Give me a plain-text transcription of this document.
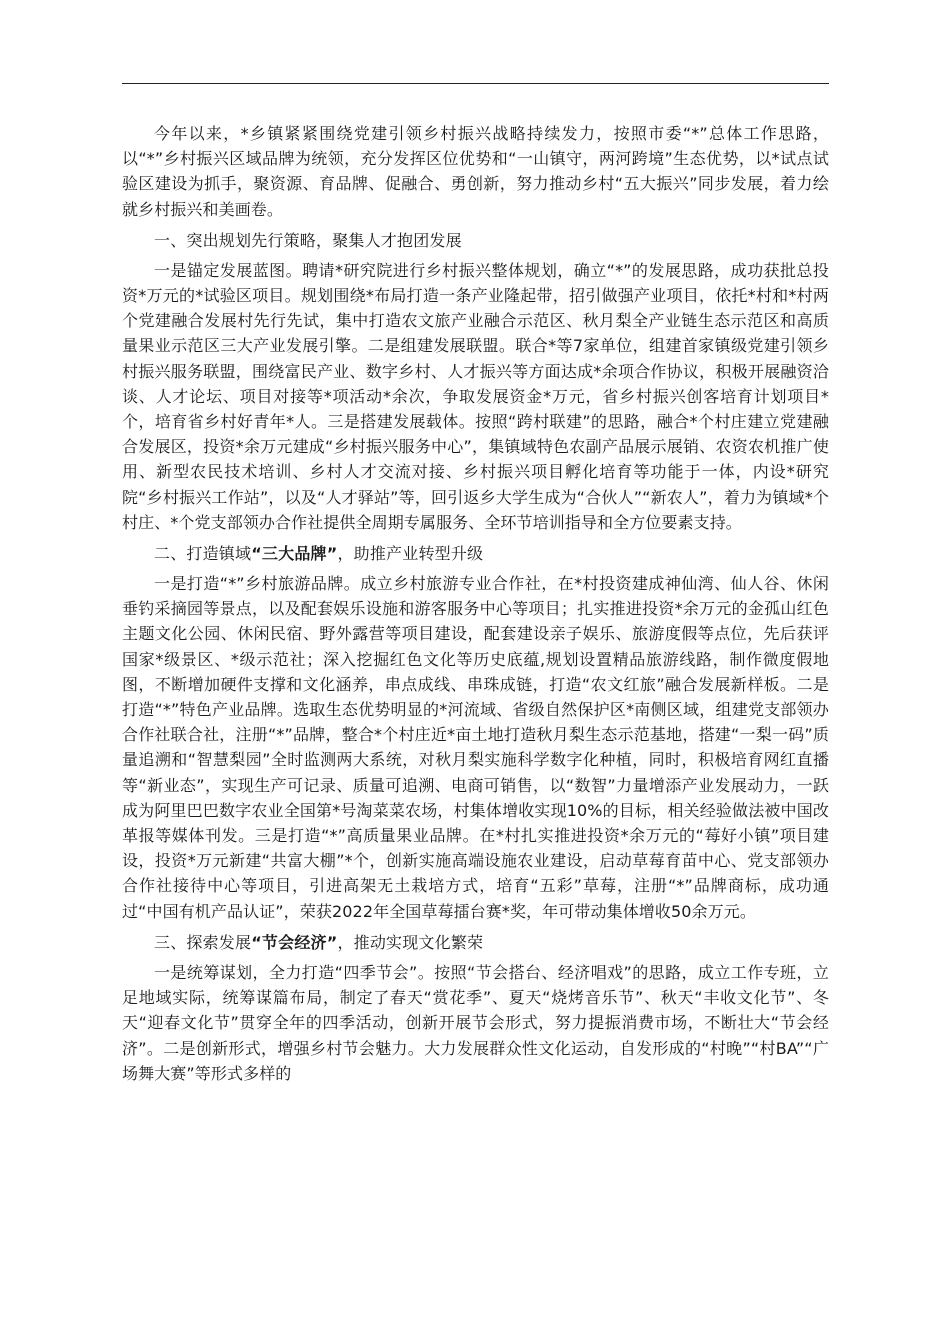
今年以来，*乡镇紧紧围绕党建引领乡村振兴战略持续发力，按照市委“*”总体工作思路，以“*”乡村振兴区域品牌为统领，充分发挥区位优势和“一山镇守，两河跨境”生态优势，以*试点试验区建设为抓手，聚资源、育品牌、促融合、勇创新，努力推动乡村“五大振兴”同步发展，着力绘就乡村振兴和美画卷。

一、突出规划先行策略，聚集人才抱团发展

一是锚定发展蓝图。聘请*研究院进行乡村振兴整体规划，确立“*”的发展思路，成功获批总投资*万元的*试验区项目。规划围绕*布局打造一条产业隆起带，招引做强产业项目，依托*村和*村两个党建融合发展村先行先试，集中打造农文旅产业融合示范区、秋月梨全产业链生态示范区和高质量果业示范区三大产业发展引擎。二是组建发展联盟。联合*等7家单位，组建首家镇级党建引领乡村振兴服务联盟，围绕富民产业、数字乡村、人才振兴等方面达成*余项合作协议，积极开展融资洽谈、人才论坛、项目对接等*项活动*余次，争取发展资金*万元，省乡村振兴创客培育计划项目*个，培育省乡村好青年*人。三是搭建发展载体。按照“跨村联建”的思路，融合*个村庄建立党建融合发展区，投资*余万元建成“乡村振兴服务中心”，集镇域特色农副产品展示展销、农资农机推广使用、新型农民技术培训、乡村人才交流对接、乡村振兴项目孵化培育等功能于一体，内设*研究院“乡村振兴工作站”，以及“人才驿站”等，回引返乡大学生成为“合伙人”“新农人”，着力为镇域*个村庄、*个党支部领办合作社提供全周期专属服务、全环节培训指导和全方位要素支持。

二、打造镇域“三大品牌”，助推产业转型升级

一是打造“*”乡村旅游品牌。成立乡村旅游专业合作社，在*村投资建成神仙湾、仙人谷、休闲垂钓采摘园等景点，以及配套娱乐设施和游客服务中心等项目；扎实推进投资*余万元的金孤山红色主题文化公园、休闲民宿、野外露营等项目建设，配套建设亲子娱乐、旅游度假等点位，先后获评国家*级景区、*级示范社；深入挖掘红色文化等历史底蕴,规划设置精品旅游线路，制作微度假地图，不断增加硬件支撑和文化涵养，串点成线、串珠成链，打造“农文红旅”融合发展新样板。二是打造“*”特色产业品牌。选取生态优势明显的*河流域、省级自然保护区*南侧区域，组建党支部领办合作社联合社，注册“*”品牌，整合*个村庄近*亩土地打造秋月梨生态示范基地，搭建“一梨一码”质量追溯和“智慧梨园”全时监测两大系统，对秋月梨实施科学数字化种植，同时，积极培育网红直播等“新业态”，实现生产可记录、质量可追溯、电商可销售，以“数智”力量增添产业发展动力，一跃成为阿里巴巴数字农业全国第*号淘菜菜农场，村集体增收实现10%的目标，相关经验做法被中国改革报等媒体刊发。三是打造“*”高质量果业品牌。在*村扎实推进投资*余万元的“莓好小镇”项目建设，投资*万元新建“共富大棚”*个，创新实施高端设施农业建设，启动草莓育苗中心、党支部领办合作社接待中心等项目，引进高架无土栽培方式，培育“五彩”草莓，注册“*”品牌商标，成功通过“中国有机产品认证”，荣获2022年全国草莓擂台赛*奖，年可带动集体增收50余万元。

三、探索发展“节会经济”，推动实现文化繁荣

一是统筹谋划，全力打造“四季节会”。按照“节会搭台、经济唱戏”的思路，成立工作专班，立足地域实际，统筹谋篇布局，制定了春天“赏花季”、夏天“烧烤音乐节”、秋天“丰收文化节”、冬天“迎春文化节”贯穿全年的四季活动，创新开展节会形式，努力提振消费市场，不断壮大“节会经济”。二是创新形式，增强乡村节会魅力。大力发展群众性文化运动，自发形成的“村晚”“村BA”“广场舞大赛”等形式多样的
